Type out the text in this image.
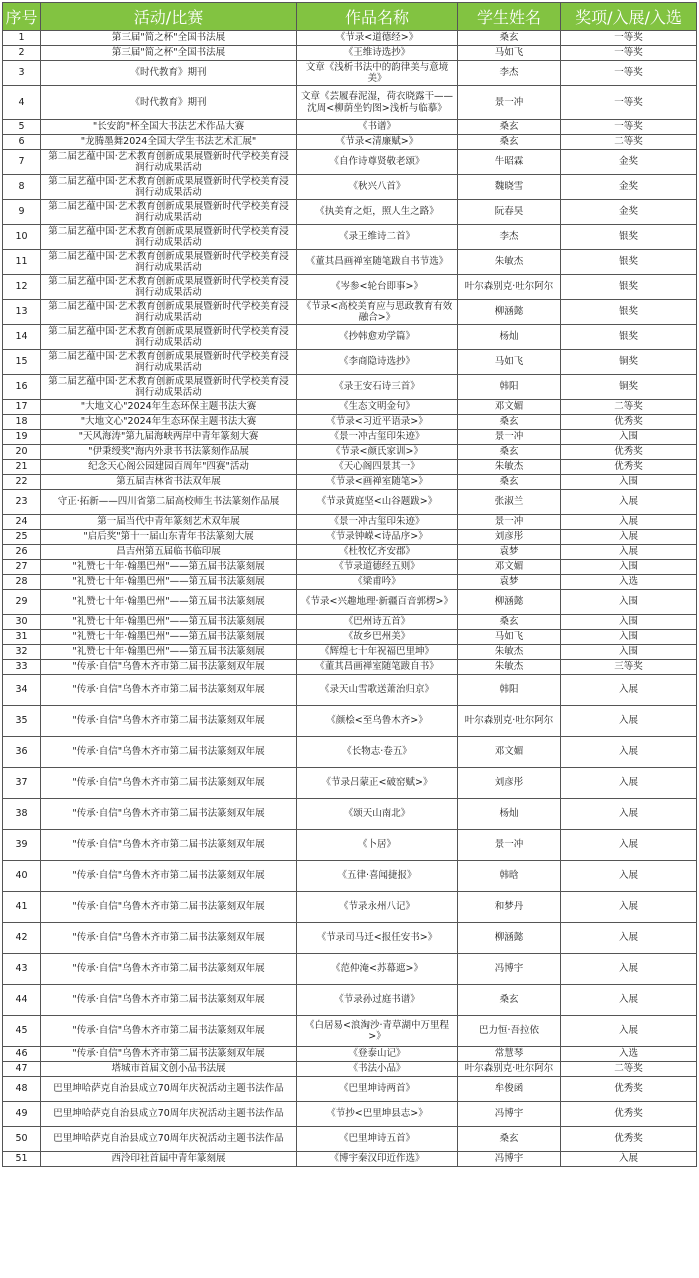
序号	活动/比赛	作品名称	学生姓名	奖项/入展/入选
1	第三届"简之杯"全国书法展	《节录<道德经>》	桑玄	一等奖
2	第三届"简之杯"全国书法展	《王维诗选抄》	马如飞	一等奖
3	《时代教育》期刊	文章《浅析书法中的韵律美与意境美》	李杰	一等奖
4	《时代教育》期刊	文章《芸履春泥湿，荷衣晓露干——沈周<柳荫坐钓图>浅析与临摹》	景一冲	一等奖
5	"长安韵"杯全国大书法艺术作品大赛	《书谱》	桑玄	一等奖
6	"龙腾墨舞2024全国大学生书法艺术汇展"	《节录<清廉赋>》	桑玄	二等奖
7	第二届艺蕴中国·艺术教育创新成果展暨新时代学校美育浸润行动成果活动	《自作诗尊贤敬老颂》	牛昭霖	金奖
8	第二届艺蕴中国·艺术教育创新成果展暨新时代学校美育浸润行动成果活动	《秋兴八首》	魏晓雪	金奖
9	第二届艺蕴中国·艺术教育创新成果展暨新时代学校美育浸润行动成果活动	《执美育之炬，照人生之路》	阮春昊	金奖
10	第二届艺蕴中国·艺术教育创新成果展暨新时代学校美育浸润行动成果活动	《录王维诗二首》	李杰	银奖
11	第二届艺蕴中国·艺术教育创新成果展暨新时代学校美育浸润行动成果活动	《董其昌画禅室随笔跋自书节选》	朱敏杰	银奖
12	第二届艺蕴中国·艺术教育创新成果展暨新时代学校美育浸润行动成果活动	《岑参<轮台即事>》	叶尔森别克·吐尔阿尔	银奖
13	第二届艺蕴中国·艺术教育创新成果展暨新时代学校美育浸润行动成果活动	《节录<高校美育应与思政教育有效融合>》	柳涵懿	银奖
14	第二届艺蕴中国·艺术教育创新成果展暨新时代学校美育浸润行动成果活动	《抄韩愈劝学篇》	杨灿	银奖
15	第二届艺蕴中国·艺术教育创新成果展暨新时代学校美育浸润行动成果活动	《李商隐诗选抄》	马如飞	铜奖
16	第二届艺蕴中国·艺术教育创新成果展暨新时代学校美育浸润行动成果活动	《录王安石诗三首》	韩阳	铜奖
17	"大地文心"2024年生态环保主题书法大赛	《生态文明金句》	邓文媚	二等奖
18	"大地文心"2024年生态环保主题书法大赛	《节录<习近平语录>》	桑玄	优秀奖
19	"天风海涛"第九届海峡两岸中青年篆刻大赛	《景一冲古玺印朱迹》	景一冲	入围
20	"伊秉绶奖"海内外隶书书法篆刻作品展	《节录<颜氏家训>》	桑玄	优秀奖
21	纪念天心阁公园建园百周年"四赛"活动	《天心阁四景其一》	朱敏杰	优秀奖
22	第五届吉林省书法双年展	《节录<画禅室随笔>》	桑玄	入围
23	守正·拓新——四川省第二届高校师生书法篆刻作品展	《节录黄庭坚<山谷题跋>》	张淑兰	入展
24	第一届当代中青年篆刻艺术双年展	《景一冲古玺印朱迹》	景一冲	入展
25	"启后奖"第十一届山东青年书法篆刻大展	《节录钟嵘<诗品序>》	刘彦彤	入展
26	昌吉州第五届临书临印展	《杜牧忆齐安郡》	袁梦	入展
27	"礼赞七十年·翰墨巴州"——第五届书法篆刻展	《节录道德经五则》	邓文媚	入围
28	"礼赞七十年·翰墨巴州"——第五届书法篆刻展	《梁甫吟》	袁梦	入选
29	"礼赞七十年·翰墨巴州"——第五届书法篆刻展	《节录<兴趣地理·新疆百音郭楞>》	柳涵懿	入围
30	"礼赞七十年·翰墨巴州"——第五届书法篆刻展	《巴州诗五首》	桑玄	入围
31	"礼赞七十年·翰墨巴州"——第五届书法篆刻展	《故乡巴州美》	马如飞	入围
32	"礼赞七十年·翰墨巴州"——第五届书法篆刻展	《辉煌七十年祝福巴里坤》	朱敏杰	入围
33	"传承·自信"乌鲁木齐市第二届书法篆刻双年展	《董其昌画禅室随笔跋自书》	朱敏杰	三等奖
34	"传承·自信"乌鲁木齐市第二届书法篆刻双年展	《录天山雪歌送萧治归京》	韩阳	入展
35	"传承·自信"乌鲁木齐市第二届书法篆刻双年展	《颜桧<至乌鲁木齐>》	叶尔森别克·吐尔阿尔	入展
36	"传承·自信"乌鲁木齐市第二届书法篆刻双年展	《长物志·卷五》	邓文媚	入展
37	"传承·自信"乌鲁木齐市第二届书法篆刻双年展	《节录吕蒙正<破窑赋>》	刘彦彤	入展
38	"传承·自信"乌鲁木齐市第二届书法篆刻双年展	《颂天山南北》	杨灿	入展
39	"传承·自信"乌鲁木齐市第二届书法篆刻双年展	《卜居》	景一冲	入展
40	"传承·自信"乌鲁木齐市第二届书法篆刻双年展	《五律·喜闻捷报》	韩晗	入展
41	"传承·自信"乌鲁木齐市第二届书法篆刻双年展	《节录永州八记》	和梦丹	入展
42	"传承·自信"乌鲁木齐市第二届书法篆刻双年展	《节录司马迁<报任安书>》	柳涵懿	入展
43	"传承·自信"乌鲁木齐市第二届书法篆刻双年展	《范仲淹<苏幕遮>》	冯博宇	入展
44	"传承·自信"乌鲁木齐市第二届书法篆刻双年展	《节录孙过庭书谱》	桑玄	入展
45	"传承·自信"乌鲁木齐市第二届书法篆刻双年展	《白居易<浪淘沙·青草湖中万里程>》	巴力恒·吾拉依	入展
46	"传承·自信"乌鲁木齐市第二届书法篆刻双年展	《登泰山记》	常慧琴	入选
47	塔城市首届文创小品书法展	《书法小品》	叶尔森别克·吐尔阿尔	二等奖
48	巴里坤哈萨克自治县成立70周年庆祝活动主题书法作品	《巴里坤诗两首》	牟俊函	优秀奖
49	巴里坤哈萨克自治县成立70周年庆祝活动主题书法作品	《节抄<巴里坤县志>》	冯博宇	优秀奖
50	巴里坤哈萨克自治县成立70周年庆祝活动主题书法作品	《巴里坤诗五首》	桑玄	优秀奖
51	西泠印社首届中青年篆刻展	《博宇秦汉印近作选》	冯博宇	入展
